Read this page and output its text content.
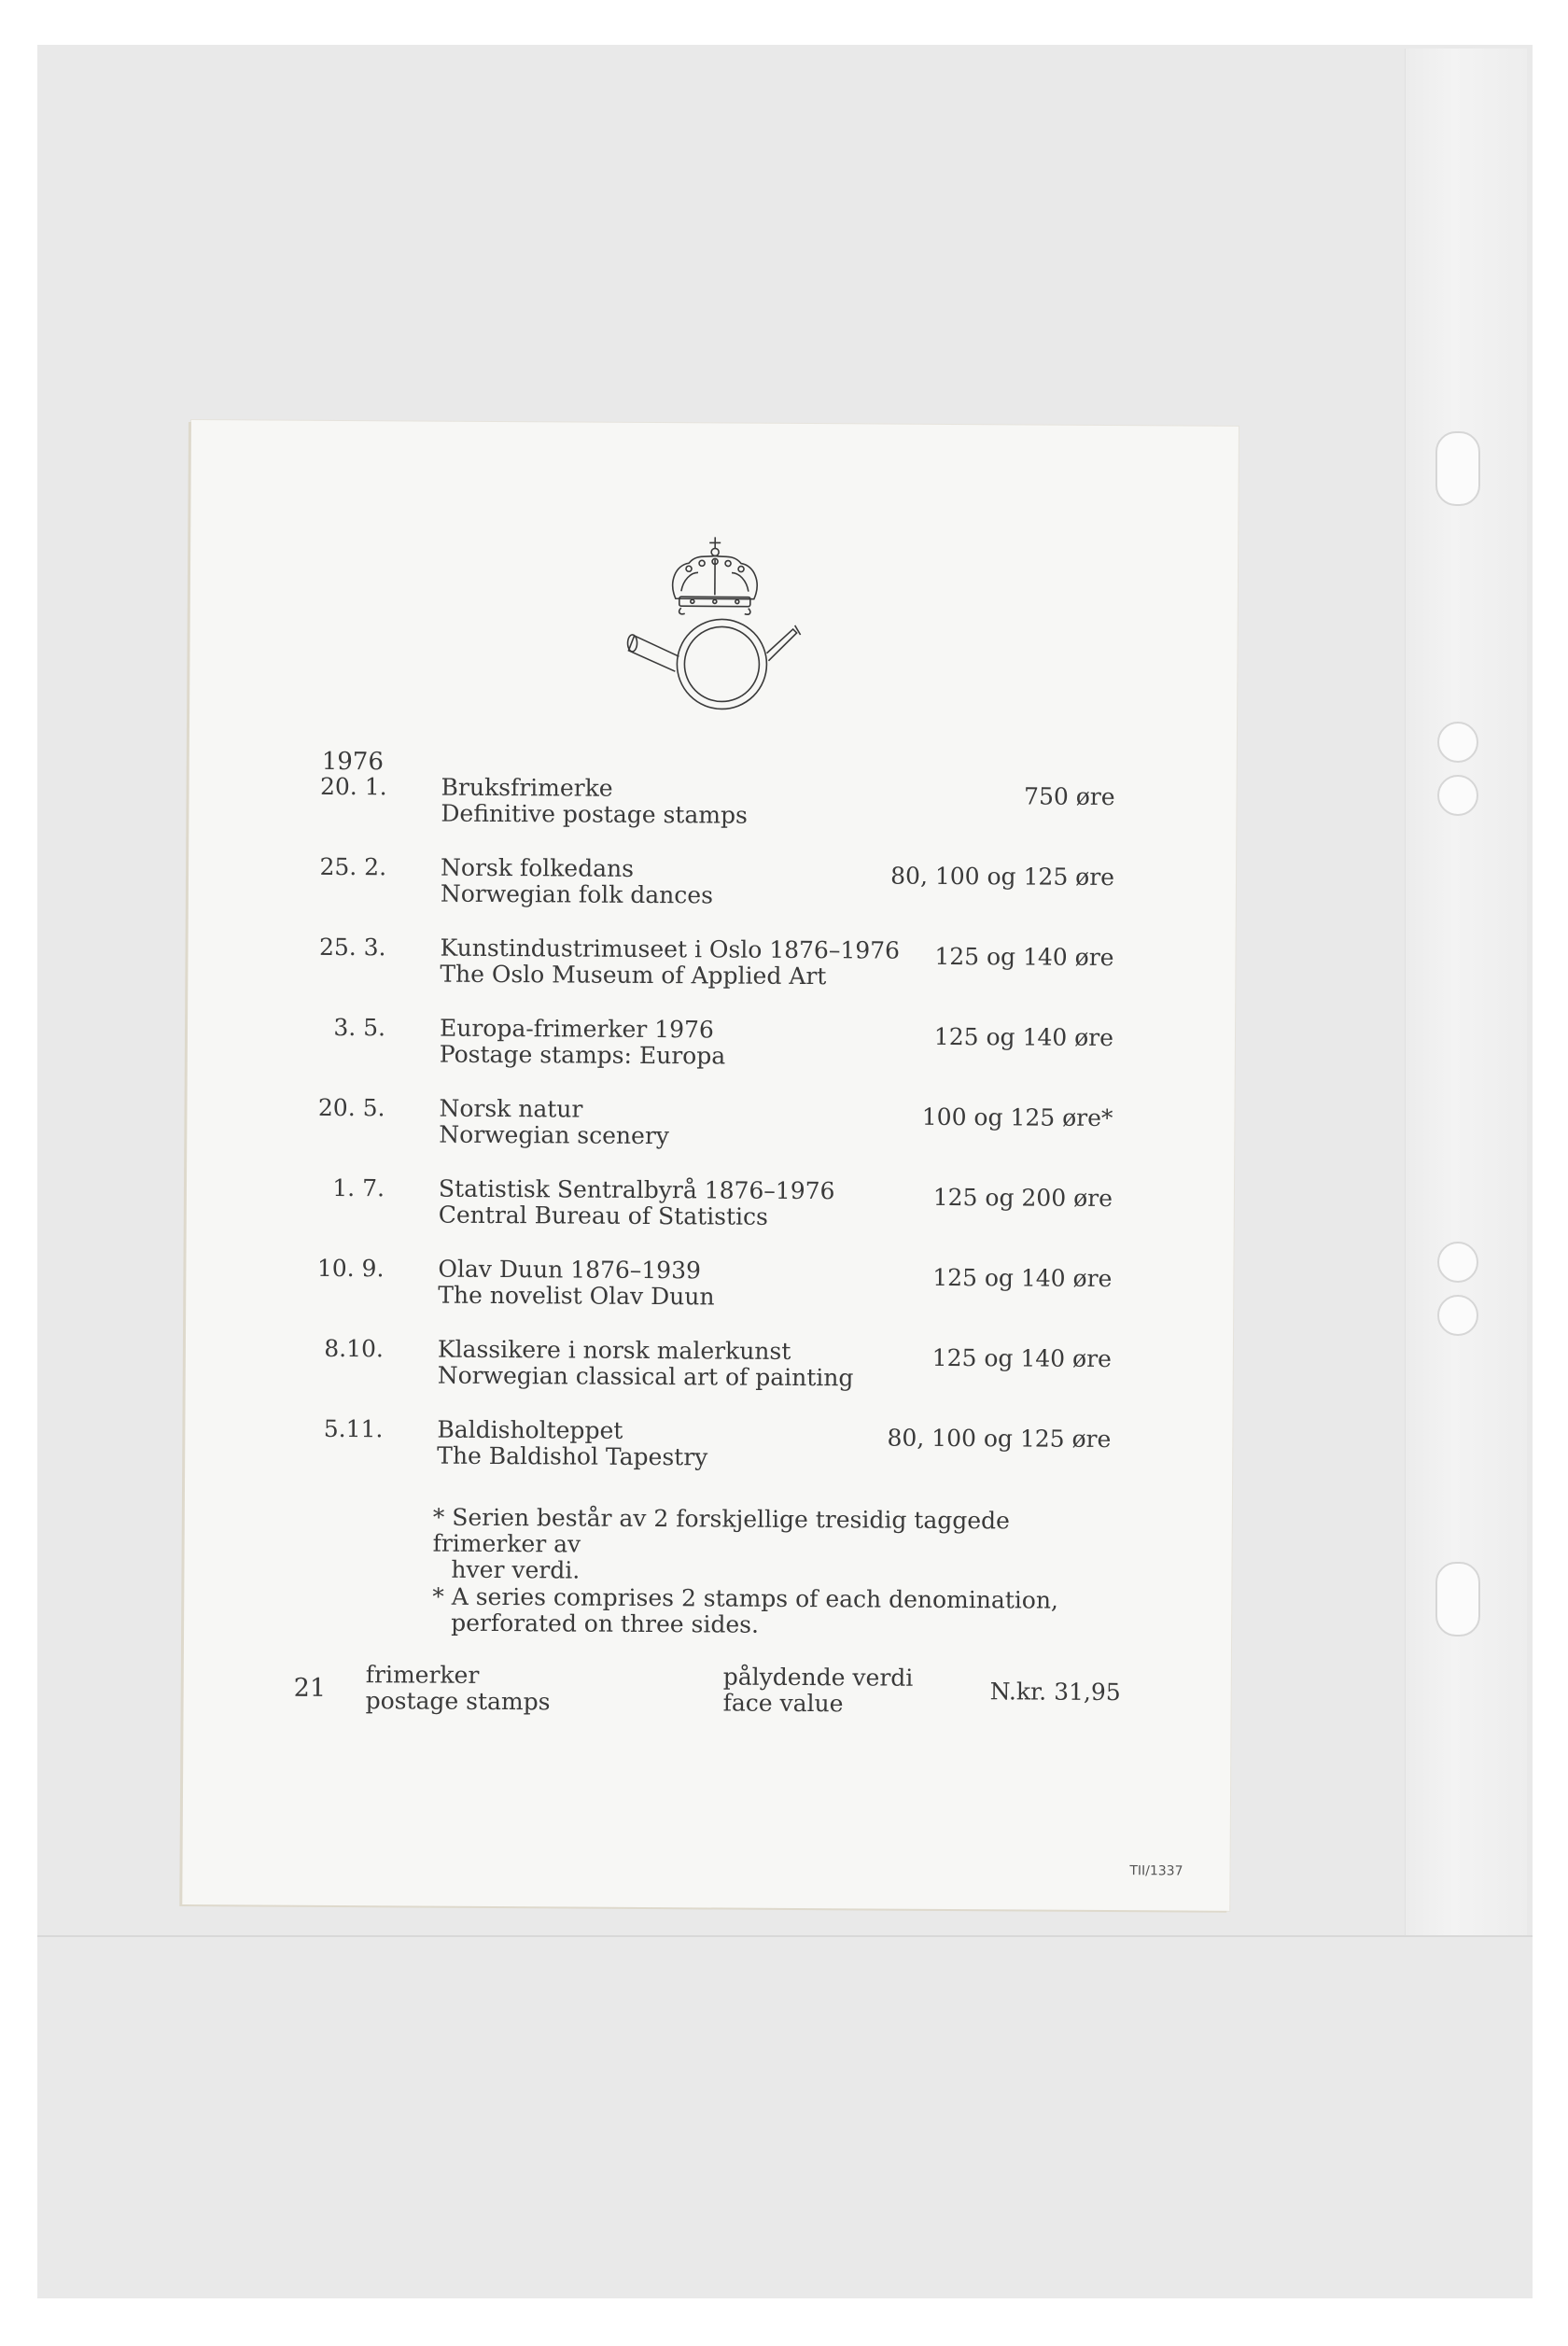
1976
20. 1. Bruksfrimerke
Definitive postage stamps
750 øre
25. 2. Norsk folkedans
Norwegian folk dances
80, 100 og 125 øre
25. 3. Kunstindustrimuseet i Oslo 1876–1976
The Oslo Museum of Applied Art
125 og 140 øre
3. 5. Europa-frimerker 1976
Postage stamps: Europa
125 og 140 øre
20. 5. Norsk natur
Norwegian scenery
100 og 125 øre*
1. 7. Statistisk Sentralbyrå 1876–1976
Central Bureau of Statistics
125 og 200 øre
10. 9. Olav Duun 1876–1939
The novelist Olav Duun
125 og 140 øre
8.10. Klassikere i norsk malerkunst
Norwegian classical art of painting
125 og 140 øre
5.11. Baldisholteppet
The Baldishol Tapestry
80, 100 og 125 øre
* Serien består av 2 forskjellige tresidig taggede frimerker av
hver verdi.
* A series comprises 2 stamps of each denomination,
perforated on three sides.
21 frimerker
postage stamps
pålydende verdi
face value	N.kr. 31,95
TII/1337
